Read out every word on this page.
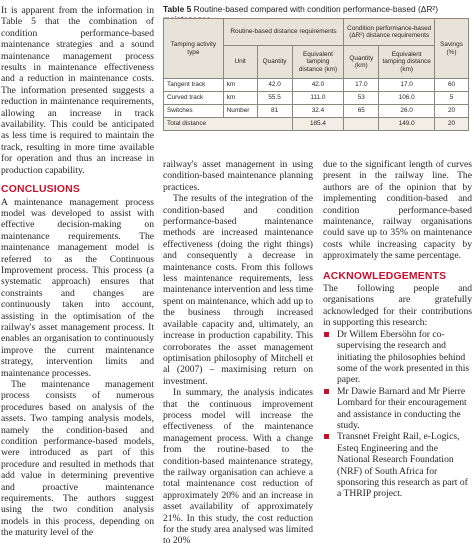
It is apparent from the information in Table 5 that the combination of condition performance-based maintenance strategies and a sound maintenance management process results in maintenance effectiveness and a reduction in maintenance costs. The information presented suggests a reduction in maintenance requirements, allowing an increase in track availability. This could be anticipated as less time is required to maintain the track, resulting in more time available for operation and thus an increase in production capability.

CONCLUSIONS

A maintenance management process model was developed to assist with effective decision-making on maintenance requirements. The maintenance management model is referred to as the Continuous Improvement process. This process (a systematic approach) ensures that constraints and changes are continuously taken into account, assisting in the optimisation of the railway's asset management process. It enables an organisation to continuously improve the current maintenance strategy, intervention limits and maintenance processes.

The maintenance management process consists of numerous procedures based on analysis of the assets. Two tamping analysis models, namely the condition-based and condition performance-based models, were introduced as part of this procedure and resulted in methods that add value in determining preventive and proactive maintenance requirements. The authors suggest using the two condition analysis models in this process, depending on the maturity level of the

Table 5 Routine-based compared with condition performance-based (ΔR²)
Tamping activity type	Routine-based distance requirements			Condition performance-based (ΔR²) distance requirements		Savings (%)
	Unit	Quantity	Equivalent tamping distance (km)	Quantity (km)	Equivalent tamping distance (km)	
Tangent track	km	42.0	42.0	17.0	17.0	60
Curved track	km	55.5	111.0	53	106.0	5
Switches	Number	81	32.4	65	26.0	20
Total distance			185.4		149.0	20

railway's asset management in using condition-based maintenance planning practices.

The results of the integration of the condition-based and condition performance-based maintenance methods are increased maintenance effectiveness (doing the right things) and consequently a decrease in maintenance costs. From this follows less maintenance requirements, less maintenance intervention and less time spent on maintenance, which add up to the business through increased available capacity and, ultimately, an increase in production capability. This corroborates the asset management optimisation philosophy of Mitchell et al (2007) – maximising return on investment.

In summary, the analysis indicates that the continuous improvement process model will increase the effectiveness of the maintenance management process. With a change from the routine-based to the condition-based maintenance strategy, the railway organisation can achieve a total maintenance cost reduction of approximately 20% and an increase in asset availability of approximately 21%. In this study, the cost reduction for the study area analysed was limited to 20%

due to the significant length of curves present in the railway line. The authors are of the opinion that by implementing condition-based and condition performance-based maintenance, railway organisations could save up to 35% on maintenance costs while increasing capacity by approximately the same percentage.

ACKNOWLEDGEMENTS

The following people and organisations are gratefully acknowledged for their contributions in supporting this research:

Dr Willem Ebersöhn for co-supervising the research and initiating the philosophies behind some of the work presented in this paper.
Mr Dawie Barnard and Mr Pierre Lombard for their encouragement and assistance in conducting the study.
Transnet Freight Rail, e-Logics, Esteq Engineering and the National Research Foundation (NRF) of South Africa for sponsoring this research as part of a THRIP project.
